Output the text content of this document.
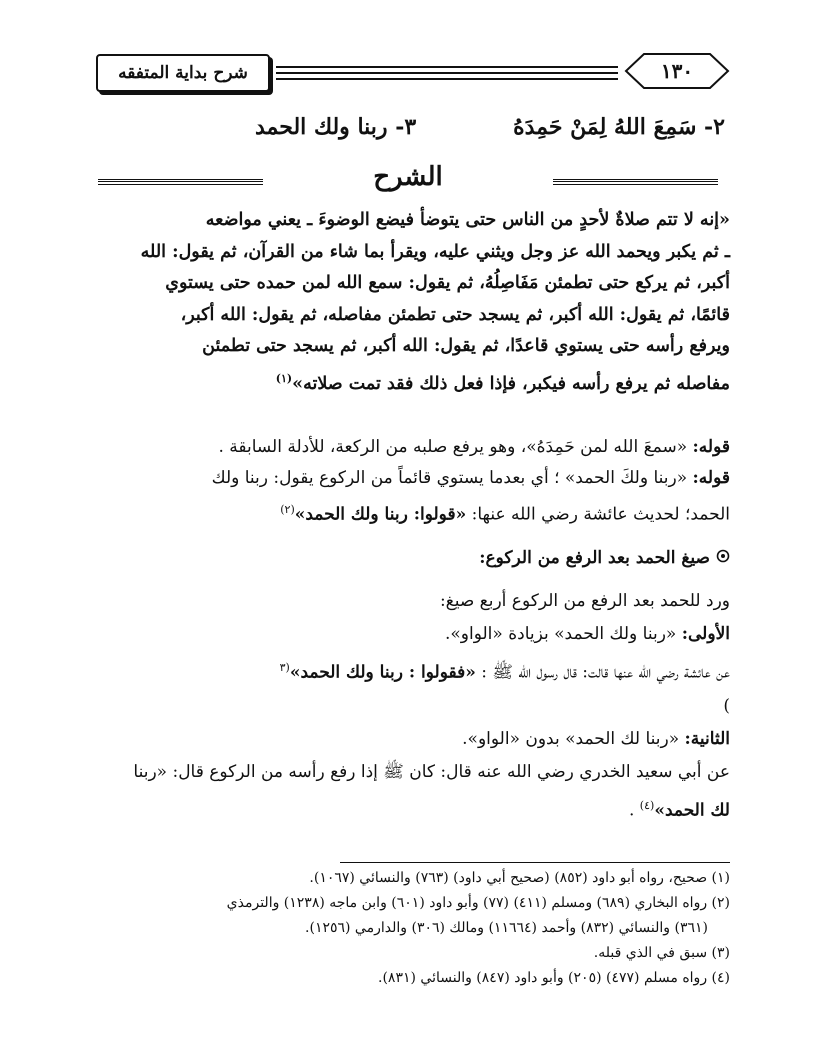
شرح بداية المتفقه	١٣٠
٢- سَمِعَ اللهُ لِمَنْ حَمِدَهُ
٣- ربنا ولك الحمد
الشرح
«إنه لا تتم صلاةٌ لأحدٍ من الناس حتى يتوضأ فيضع الوضوءَ ـ يعني مواضعه
ـ ثم يكبر ويحمد الله عز وجل ويثني عليه، ويقرأ بما شاء من القرآن، ثم يقول: الله
أكبر، ثم يركع حتى تطمئن مَفَاصِلُهُ، ثم يقول: سمع الله لمن حمده حتى يستوي
قائمًا، ثم يقول: الله أكبر، ثم يسجد حتى تطمئن مفاصله، ثم يقول: الله أكبر،
ويرفع رأسه حتى يستوي قاعدًا، ثم يقول: الله أكبر، ثم يسجد حتى تطمئن
مفاصله ثم يرفع رأسه فيكبر، فإذا فعل ذلك فقد تمت صلاته»$^{(١)}$
قوله: «سمعَ الله لمن حَمِدَهُ»، وهو يرفع صلبه من الركعة، للأدلة السابقة .
قوله: «ربنا ولكَ الحمد» ؛ أي بعدما يستوي قائماً من الركوع يقول: ربنا ولك
الحمد؛ لحديث عائشة رضي الله عنها: «قولوا: ربنا ولك الحمد»$^{(٢)}$
صيغ الحمد بعد الرفع من الركوع:
ورد للحمد بعد الرفع من الركوع أربع صيغ:
الأولى: «ربنا ولك الحمد» بزيادة «الواو».
عن عائشة رضي الله عنها قالت: قال رسول الله ﷺ : «فقولوا : ربنا ولك الحمد»$^{(٣}$
)
الثانية: «ربنا لك الحمد» بدون «الواو».
عن أبي سعيد الخدري رضي الله عنه قال: كان ﷺ إذا رفع رأسه من الركوع قال: «ربنا
لك الحمد»$^{(٤)}$ .
(١) صحيح، رواه أبو داود (٨٥٢) (صحيح أبي داود) (٧٦٣) والنسائي (١٠٦٧).
(٢) رواه البخاري (٦٨٩) ومسلم (٤١١) (٧٧) وأبو داود (٦٠١) وابن ماجه (١٢٣٨) والترمذي
(٣٦١) والنسائي (٨٣٢) وأحمد (١١٦٦٤) ومالك (٣٠٦) والدارمي (١٢٥٦).
(٣) سبق في الذي قبله.
(٤) رواه مسلم (٤٧٧) (٢٠٥) وأبو داود (٨٤٧) والنسائي (٨٣١).
